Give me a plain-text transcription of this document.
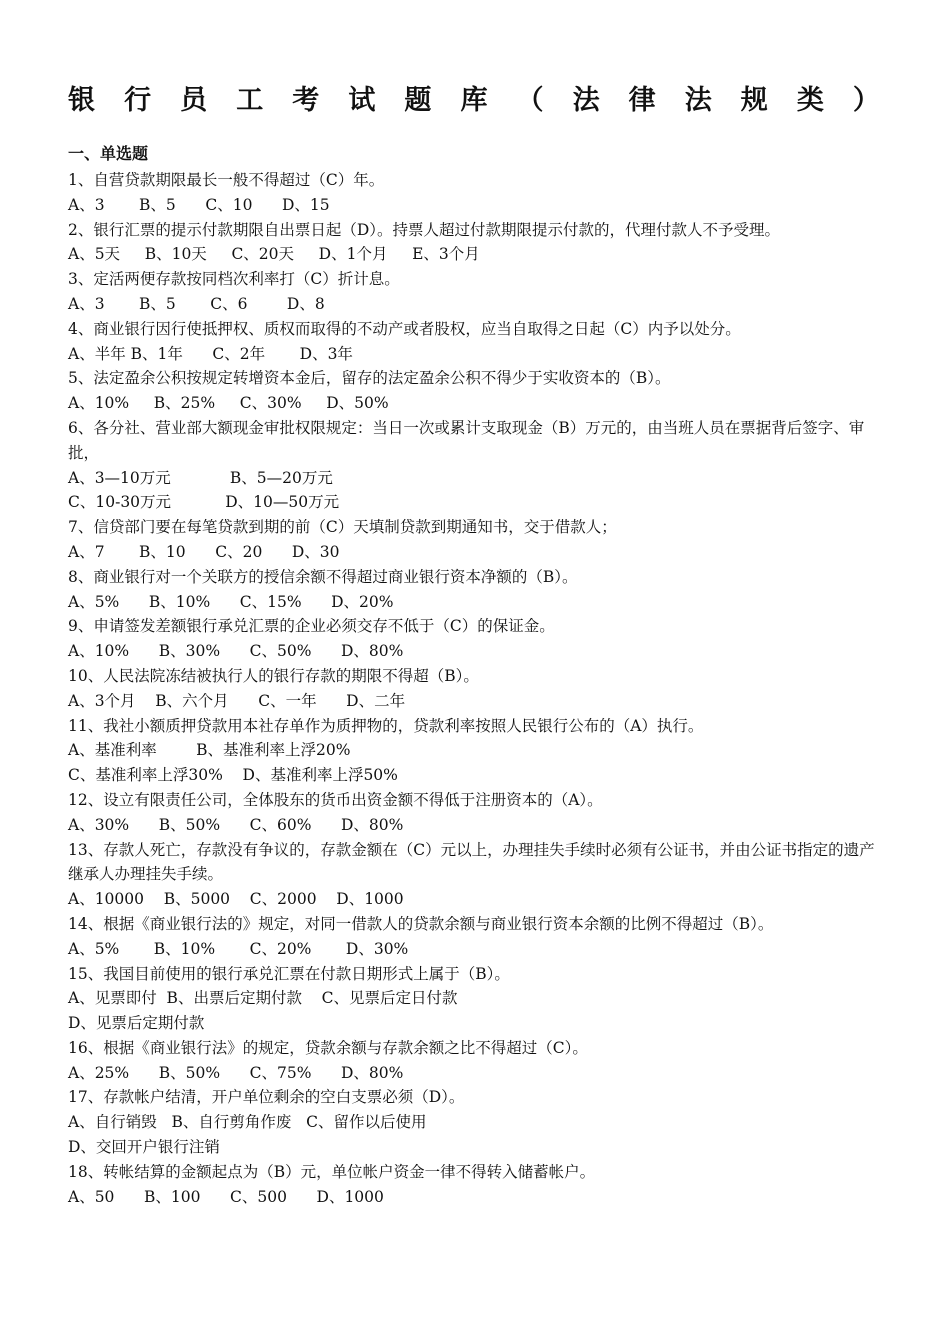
银 行 员 工 考 试 题 库 （ 法 律 法 规 类 ）
一、单选题
1、自营贷款期限最长一般不得超过（C）年。
A、3       B、5      C、10      D、15
2、银行汇票的提示付款期限自出票日起（D）。持票人超过付款期限提示付款的，代理付款人不予受理。
A、5天     B、10天     C、20天     D、1个月     E、3个月
3、定活两便存款按同档次利率打（C）折计息。
A、3       B、5       C、6        D、8
4、商业银行因行使抵押权、质权而取得的不动产或者股权，应当自取得之日起（C）内予以处分。
A、半年 B、1年      C、2年       D、3年
5、法定盈余公积按规定转增资本金后，留存的法定盈余公积不得少于实收资本的（B）。
A、10%     B、25%     C、30%     D、50%
6、各分社、营业部大额现金审批权限规定：当日一次或累计支取现金（B）万元的，由当班人员在票据背后签字、审批，
A、3—10万元            B、5—20万元
C、10-30万元           D、10—50万元
7、信贷部门要在每笔贷款到期的前（C）天填制贷款到期通知书，交于借款人；
A、7       B、10      C、20      D、30
8、商业银行对一个关联方的授信余额不得超过商业银行资本净额的（B）。
A、5%      B、10%      C、15%      D、20%
9、申请签发差额银行承兑汇票的企业必须交存不低于（C）的保证金。
A、10%      B、30%      C、50%      D、80%
10、人民法院冻结被执行人的银行存款的期限不得超（B）。
A、3个月    B、六个月      C、一年      D、二年
11、我社小额质押贷款用本社存单作为质押物的，贷款利率按照人民银行公布的（A）执行。
A、基准利率        B、基准利率上浮20%
C、基准利率上浮30%    D、基准利率上浮50%
12、设立有限责任公司，全体股东的货币出资金额不得低于注册资本的（A）。
A、30%      B、50%      C、60%      D、80%
13、存款人死亡，存款没有争议的，存款金额在（C）元以上，办理挂失手续时必须有公证书，并由公证书指定的遗产继承人办理挂失手续。
A、10000    B、5000    C、2000    D、1000
14、根据《商业银行法的》规定，对同一借款人的贷款余额与商业银行资本余额的比例不得超过（B）。
A、5%       B、10%       C、20%       D、30%
15、我国目前使用的银行承兑汇票在付款日期形式上属于（B）。
A、见票即付  B、出票后定期付款    C、见票后定日付款
D、见票后定期付款
16、根据《商业银行法》的规定，贷款余额与存款余额之比不得超过（C）。
A、25%      B、50%      C、75%      D、80%
17、存款帐户结清，开户单位剩余的空白支票必须（D）。
A、自行销毁   B、自行剪角作废   C、留作以后使用
D、交回开户银行注销
18、转帐结算的金额起点为（B）元，单位帐户资金一律不得转入储蓄帐户。
A、50      B、100      C、500      D、1000
